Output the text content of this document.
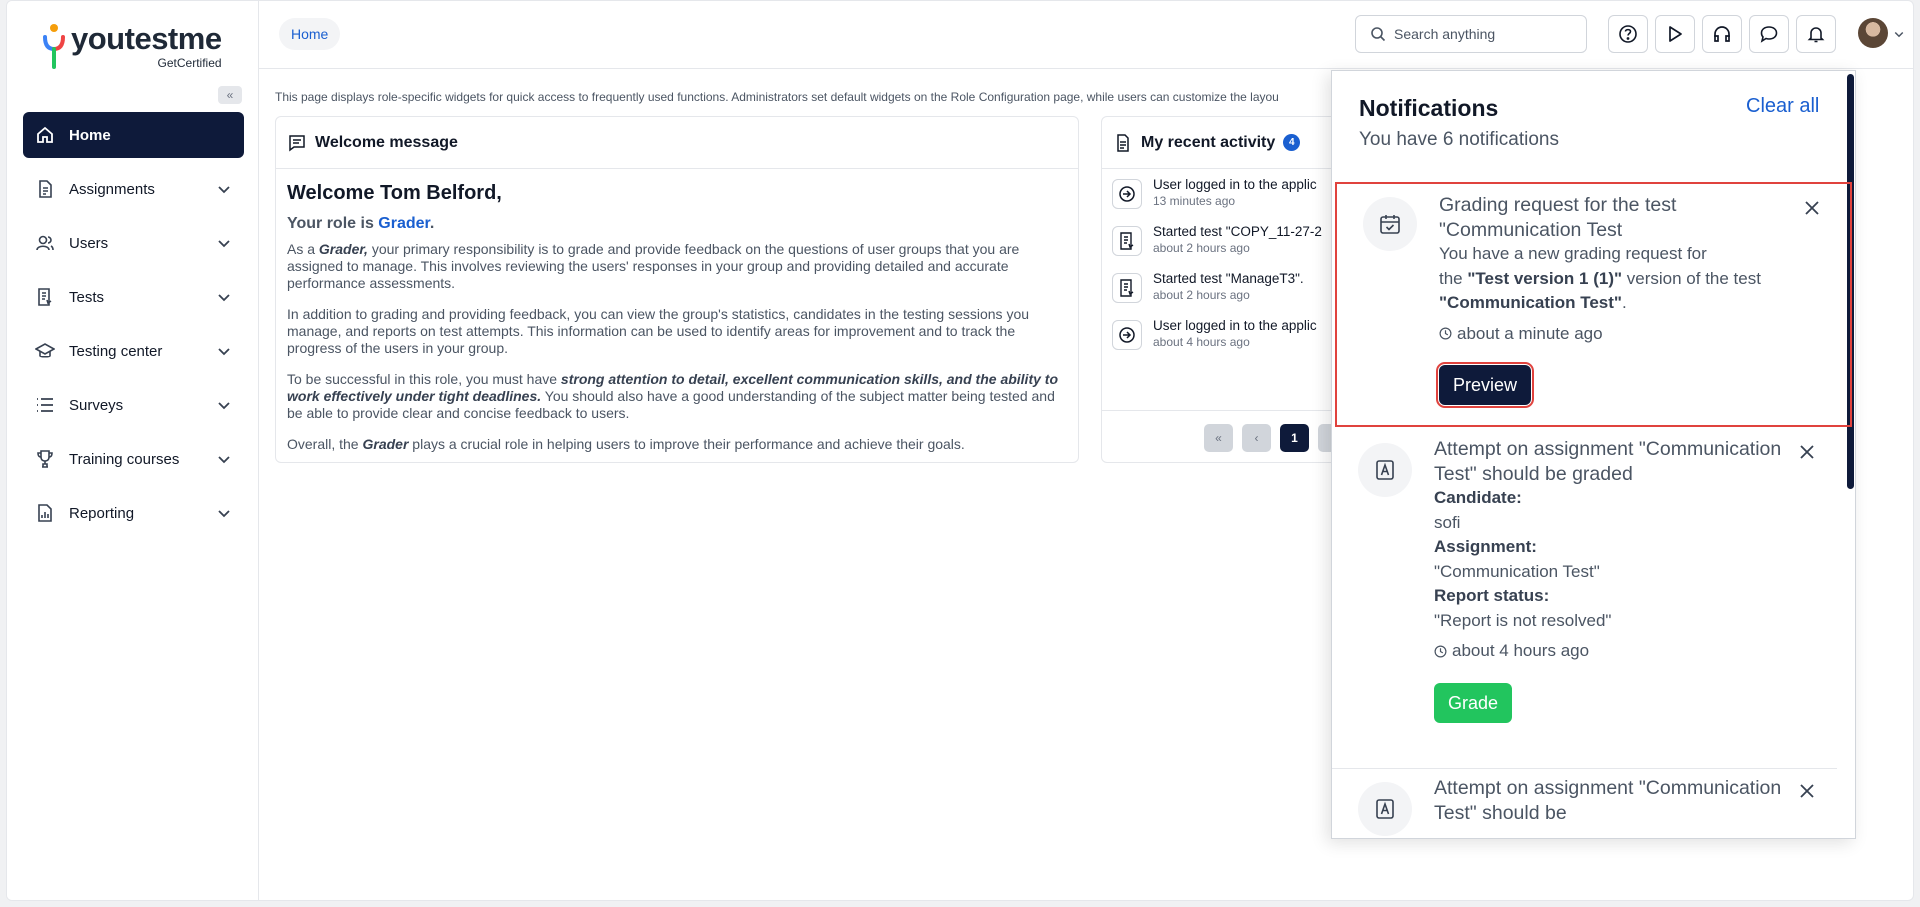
youtestme
GetCertified
«
Home
Assignments
Users
Tests
Testing center
Surveys
Training courses
Reporting
Home
Search anything
This page displays role-specific widgets for quick access to frequently used functions. Administrators set default widgets on the Role Configuration page, while users can customize the layou
Welcome message
Welcome Tom Belford,
Your role is Grader.

As a Grader, your primary responsibility is to grade and provide feedback on the questions of user groups that you are assigned to manage. This involves reviewing the users' responses in your group and providing detailed and accurate performance assessments.

In addition to grading and providing feedback, you can view the group's statistics, candidates in the testing sessions you manage, and reports on test attempts. This information can be used to identify areas for improvement and to track the progress of the users in your group.

To be successful in this role, you must have strong attention to detail, excellent communication skills, and the ability to work effectively under tight deadlines. You should also have a good understanding of the subject matter being tested and be able to provide clear and concise feedback to users.

Overall, the Grader plays a crucial role in helping users to improve their performance and achieve their goals.

My recent activity	4
User logged in to the applic
13 minutes ago
Started test "COPY_11-27-2
about 2 hours ago
Started test "ManageT3".
about 2 hours ago
User logged in to the applic
about 4 hours ago
«	‹	1
Notifications
You have 6 notifications
Clear all
Grading request for the test "Communication Test
You have a new grading request for
the "Test version 1 (1)" version of the test
"Communication Test".
about a minute ago
Preview
Attempt on assignment "Communication Test" should be graded
Candidate:
sofi
Assignment:
"Communication Test"
Report status:
"Report is not resolved"
about 4 hours ago
Grade
Attempt on assignment "Communication Test" should be
